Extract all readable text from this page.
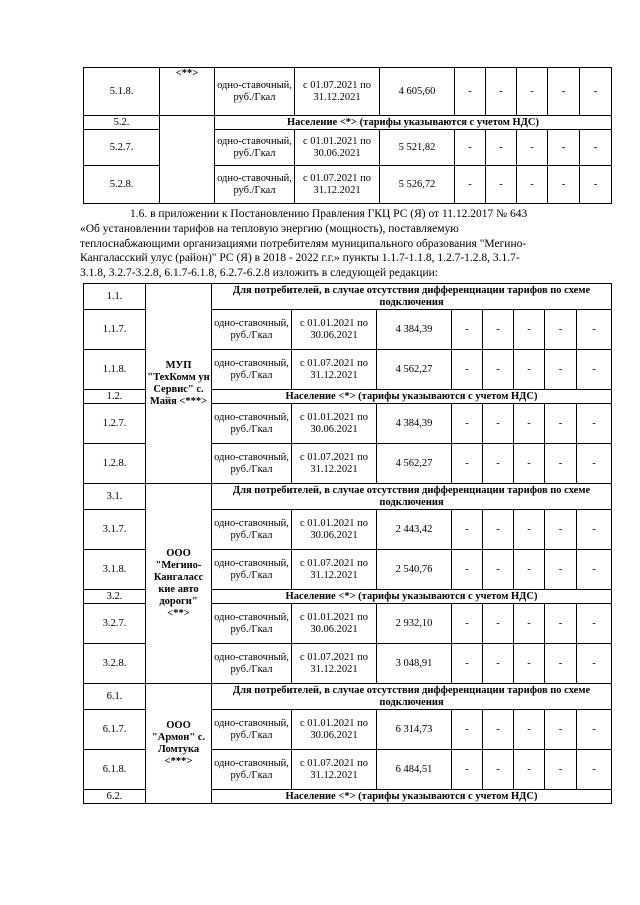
5.1.8.	<**>	одно-ставочный, руб./Гкал	с 01.07.2021 по 31.12.2021	4 605,60	-	-	-	-	-
5.2.		Население <*> (тарифы указываются с учетом НДС)							
5.2.7.		одно-ставочный, руб./Гкал	с 01.01.2021 по 30.06.2021	5 521,82	-	-	-	-	-
5.2.8.		одно-ставочный, руб./Гкал	с 01.07.2021 по 31.12.2021	5 526,72	-	-	-	-	-
1.6. в приложении к Постановлению Правления ГКЦ РС (Я) от 11.12.2017 № 643
«Об установлении тарифов на тепловую энергию (мощность), поставляемую
теплоснабжающими организациями потребителям муниципального образования "Мегино-
Кангаласский улус (район)" РС (Я) в 2018 - 2022 г.г.» пункты 1.1.7-1.1.8, 1.2.7-1.2.8, 3.1.7-
3.1.8, 3.2.7-3.2.8, 6.1.7-6.1.8, 6.2.7-6.2.8 изложить в следующей редакции:
1.1.	МУП "ТехКомм ун Сервис" с. Майя <***>	Для потребителей, в случае отсутствия дифференциации тарифов по схеме подключения							
1.1.7.		одно-ставочный, руб./Гкал	с 01.01.2021 по 30.06.2021	4 384,39	-	-	-	-	-
1.1.8.		одно-ставочный, руб./Гкал	с 01.07.2021 по 31.12.2021	4 562,27	-	-	-	-	-
1.2.		Население <*> (тарифы указываются с учетом НДС)							
1.2.7.		одно-ставочный, руб./Гкал	с 01.01.2021 по 30.06.2021	4 384,39	-	-	-	-	-
1.2.8.		одно-ставочный, руб./Гкал	с 01.07.2021 по 31.12.2021	4 562,27	-	-	-	-	-
3.1.	ООО "Мегино-Кангаласс кие авто дороги" <**>	Для потребителей, в случае отсутствия дифференциации тарифов по схеме подключения							
3.1.7.		одно-ставочный, руб./Гкал	с 01.01.2021 по 30.06.2021	2 443,42	-	-	-	-	-
3.1.8.		одно-ставочный, руб./Гкал	с 01.07.2021 по 31.12.2021	2 540,76	-	-	-	-	-
3.2.		Население <*> (тарифы указываются с учетом НДС)							
3.2.7.		одно-ставочный, руб./Гкал	с 01.01.2021 по 30.06.2021	2 932,10	-	-	-	-	-
3.2.8.		одно-ставочный, руб./Гкал	с 01.07.2021 по 31.12.2021	3 048,91	-	-	-	-	-
6.1.	ООО "Армон" с. Ломтука <***>	Для потребителей, в случае отсутствия дифференциации тарифов по схеме подключения							
6.1.7.		одно-ставочный, руб./Гкал	с 01.01.2021 по 30.06.2021	6 314,73	-	-	-	-	-
6.1.8.		одно-ставочный, руб./Гкал	с 01.07.2021 по 31.12.2021	6 484,51	-	-	-	-	-
6.2.		Население <*> (тарифы указываются с учетом НДС)							
